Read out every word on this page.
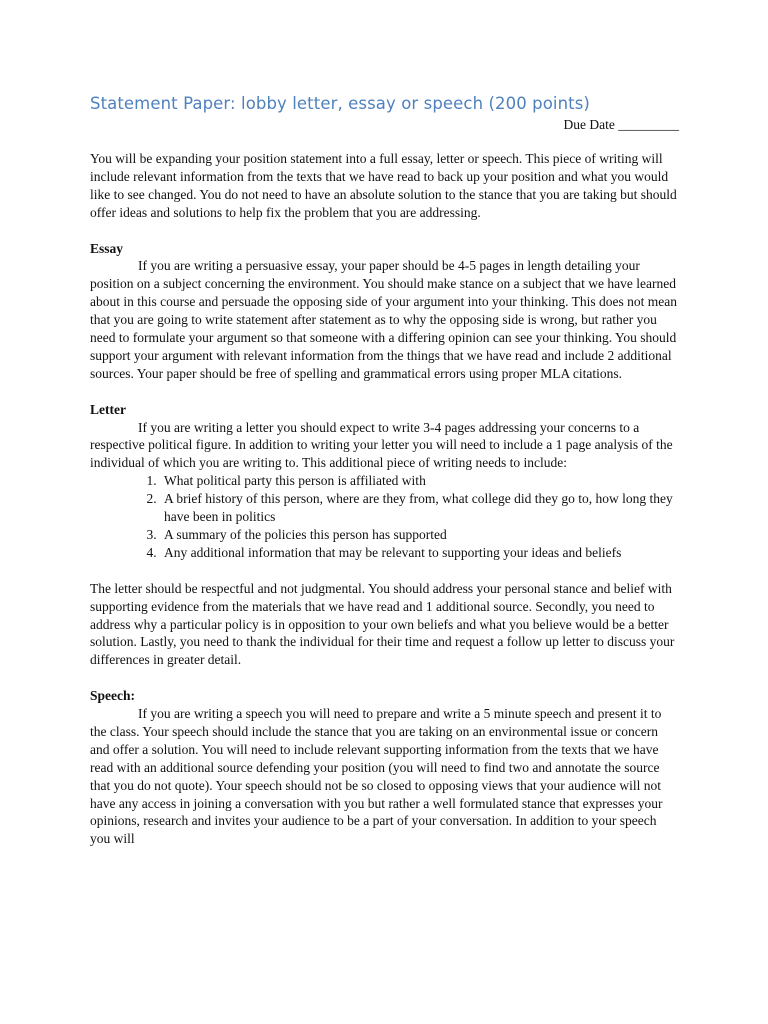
Statement Paper: lobby letter, essay or speech (200 points)
Due Date _________

You will be expanding your position statement into a full essay, letter or speech. This piece of writing will include relevant information from the texts that we have read to back up your position and what you would like to see changed. You do not need to have an absolute solution to the stance that you are taking but should offer ideas and solutions to help fix the problem that you are addressing.

Essay

If you are writing a persuasive essay, your paper should be 4-5 pages in length detailing your position on a subject concerning the environment. You should make stance on a subject that we have learned about in this course and persuade the opposing side of your argument into your thinking. This does not mean that you are going to write statement after statement as to why the opposing side is wrong, but rather you need to formulate your argument so that someone with a differing opinion can see your thinking. You should support your argument with relevant information from the things that we have read and include 2 additional sources. Your paper should be free of spelling and grammatical errors using proper MLA citations.

Letter

If you are writing a letter you should expect to write 3-4 pages addressing your concerns to a respective political figure. In addition to writing your letter you will need to include a 1 page analysis of the individual of which you are writing to. This additional piece of writing needs to include:

1. What political party this person is affiliated with
2. A brief history of this person, where are they from, what college did they go to, how long they have been in politics
3. A summary of the policies this person has supported
4. Any additional information that may be relevant to supporting your ideas and beliefs

The letter should be respectful and not judgmental. You should address your personal stance and belief with supporting evidence from the materials that we have read and 1 additional source. Secondly, you need to address why a particular policy is in opposition to your own beliefs and what you believe would be a better solution. Lastly, you need to thank the individual for their time and request a follow up letter to discuss your differences in greater detail.

Speech:

If you are writing a speech you will need to prepare and write a 5 minute speech and present it to the class. Your speech should include the stance that you are taking on an environmental issue or concern and offer a solution. You will need to include relevant supporting information from the texts that we have read with an additional source defending your position (you will need to find two and annotate the source that you do not quote). Your speech should not be so closed to opposing views that your audience will not have any access in joining a conversation with you but rather a well formulated stance that expresses your opinions, research and invites your audience to be a part of your conversation. In addition to your speech you will
